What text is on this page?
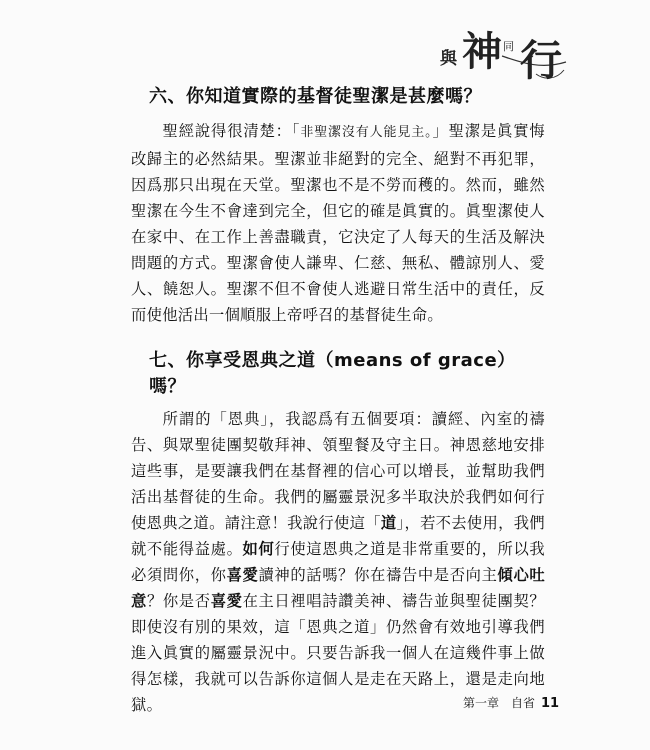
與 神 同 行
六、你知道實際的基督徒聖潔是甚麼嗎？

聖經說得很清楚：「非聖潔沒有人能見主。」聖潔是眞實悔改歸主的必然結果。聖潔並非絕對的完全、絕對不再犯罪，因爲那只出現在天堂。聖潔也不是不勞而穫的。然而，雖然聖潔在今生不會達到完全，但它的確是眞實的。眞聖潔使人在家中、在工作上善盡職責，它決定了人每天的生活及解決問題的方式。聖潔會使人謙卑、仁慈、無私、體諒別人、愛人、饒恕人。聖潔不但不會使人逃避日常生活中的責任，反而使他活出一個順服上帝呼召的基督徒生命。

七、你享受恩典之道（means of grace）嗎？

所謂的「恩典」，我認爲有五個要項：讀經、內室的禱告、與眾聖徒團契敬拜神、領聖餐及守主日。神恩慈地安排這些事，是要讓我們在基督裡的信心可以增長，並幫助我們活出基督徒的生命。我們的屬靈景況多半取決於我們如何行使恩典之道。請注意！我說行使這「道」，若不去使用，我們就不能得益處。如何行使這恩典之道是非常重要的，所以我必須問你，你喜愛讀神的話嗎？你在禱告中是否向主傾心吐意？你是否喜愛在主日裡唱詩讚美神、禱告並與聖徒團契？即使沒有別的果效，這「恩典之道」仍然會有效地引導我們進入眞實的屬靈景況中。只要告訴我一個人在這幾件事上做得怎樣，我就可以告訴你這個人是走在天路上，還是走向地獄。	第一章　自省 11
